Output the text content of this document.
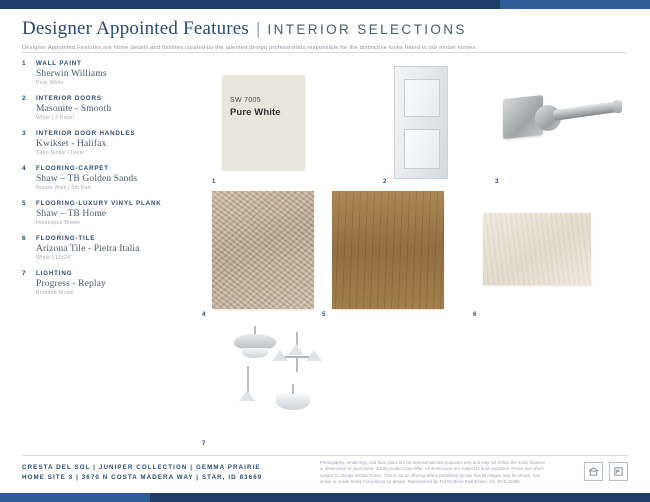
Designer Appointed Features | INTERIOR SELECTIONS
Designer Appointed Features are home details and finishes curated by the talented design professionals responsible for the distinctive looks found in our model homes.
1 WALL PAINT
Sherwin Williams
Pure White
2 INTERIOR DOORS
Masonite - Smooth
White | 2 Panel
3 INTERIOR DOOR HANDLES
Kwikset - Halifax
Satin Nickel | Lever
4 FLOORING-CARPET
Shaw – TB Golden Sands
Nature Walk | 5th Pad
5 FLOORING-LUXURY VINYL PLANK
Shaw – TB Home
Homespun Brown
6 FLOORING-TILE
Arizona Tile - Pietra Italia
White | 12x24"
7 LIGHTING
Progress - Replay
Brushed Nickel
SW 7005
Pure White
1	2	3
4	5	6
7
CRESTA DEL SOL | JUNIPER COLLECTION | GEMMA PRAIRIE
HOME SITE 3 | 3670 N COSTA MADERA WAY | STAR, ID 83669
Photography, renderings, and floor plans are for representational purposes only and may not reflect the exact features or dimensions of your home; actual product may differ. All dimensions are subject to field variations. Prices and offers subject to change without notice. This is not an offering where prohibited by law. Not all images may be shown. See online or onsite Sales Consultants for details. Represented by Toll Brothers Real Estate, Inc. RCE 42658
